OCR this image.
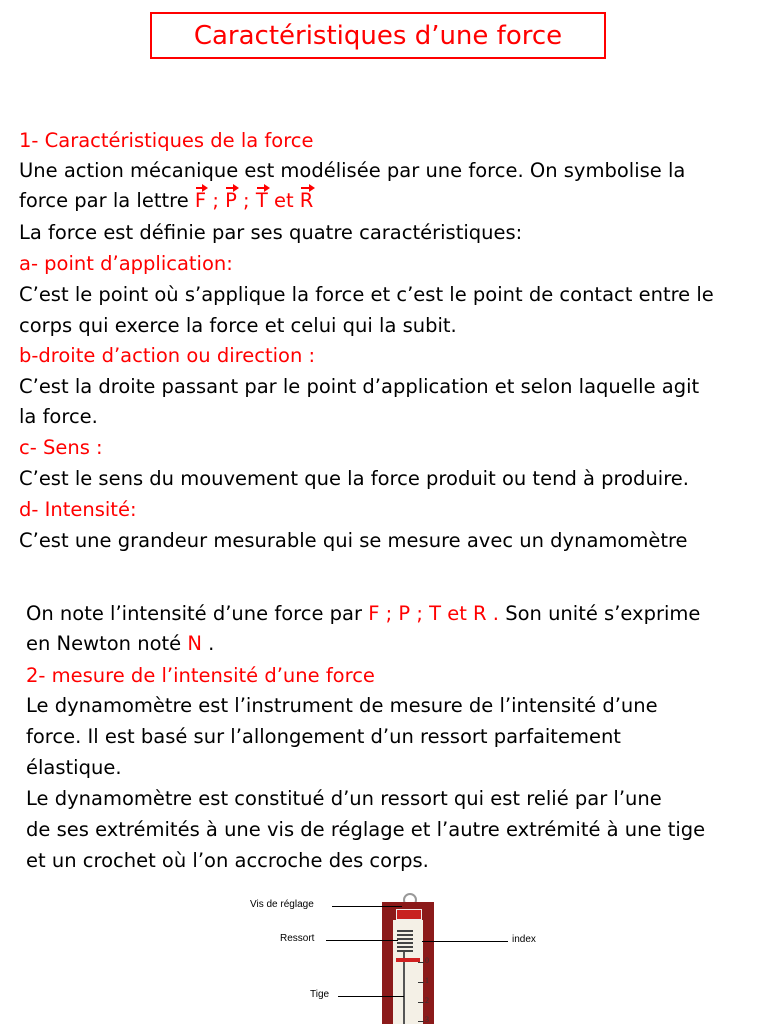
Caractéristiques d’une force
1- Caractéristiques de la force
Une action mécanique est modélisée par une force. On symbolise la
force par la lettre F ; P ; T et R
La force est définie par ses quatre caractéristiques:
a- point d’application:
C’est le point où s’applique la force et c’est le point de contact entre le
corps qui exerce la force et celui qui la subit.
b-droite d’action ou direction :
C’est la droite passant par le point d’application et selon laquelle agit
la force.
c- Sens :
C’est le sens du mouvement que la force produit ou tend à produire.
d- Intensité:
C’est une grandeur mesurable qui se mesure avec un dynamomètre
On note l’intensité d’une force par F ; P ; T et R . Son unité s’exprime
en Newton noté N .
2- mesure de l’intensité d’une force
Le dynamomètre est l’instrument de mesure de l’intensité d’une
force. Il est basé sur l’allongement d’un ressort parfaitement
élastique.
Le dynamomètre est constitué d’un ressort qui est relié par l’une
de ses extrémités à une vis de réglage et l’autre extrémité à une tige
et un crochet où l’on accroche des corps.
Vis de réglage
Ressort	index
Tige
0
1
2
3
